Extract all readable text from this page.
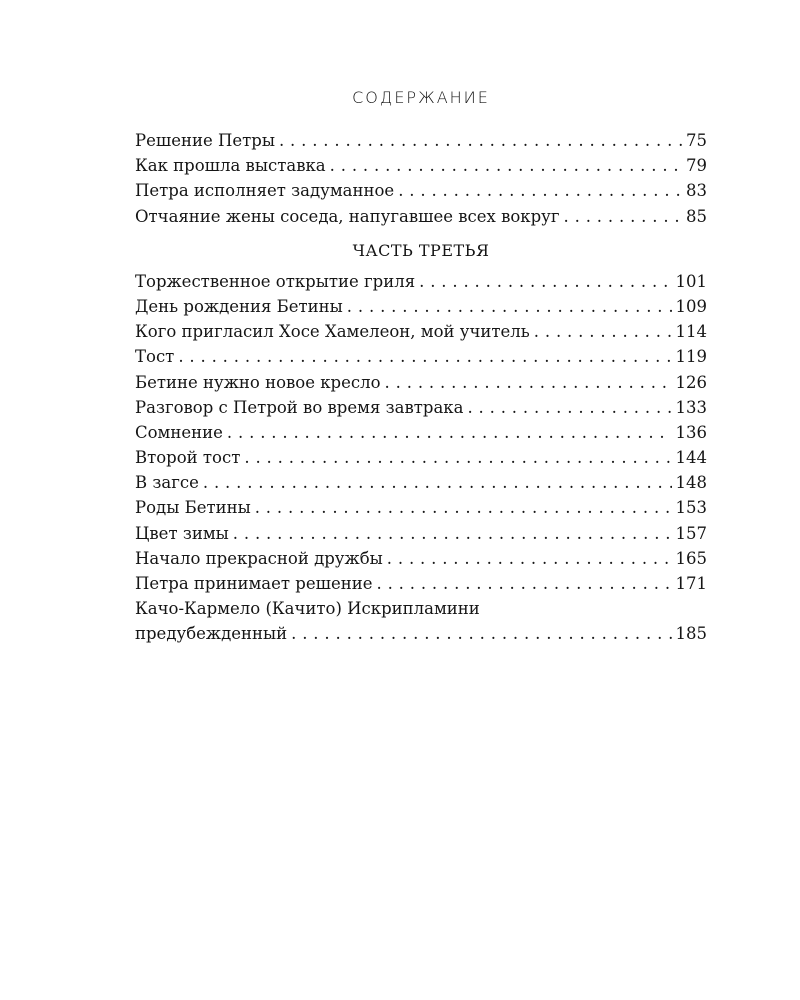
СОДЕРЖАНИЕ
Решение Петры . . .	75
Как прошла выставка . . .	79
Петра исполняет задуманное . . .	83
Отчаяние жены соседа, напугавшее всех вокруг . . .	85
ЧАСТЬ ТРЕТЬЯ
Торжественное открытие гриля . . .	101
День рождения Бетины . . .	109
Кого пригласил Хосе Хамелеон, мой учитель . . .	114
Тост . . .	119
Бетине нужно новое кресло . . .	126
Разговор с Петрой во время завтрака . . .	133
Сомнение . . .	136
Второй тост . . .	144
В загсе . . .	148
Роды Бетины . . .	153
Цвет зимы . . .	157
Начало прекрасной дружбы . . .	165
Петра принимает решение . . .	171
Качо-Кармело (Качито) Искрипламини
предубежденный . . .	185
